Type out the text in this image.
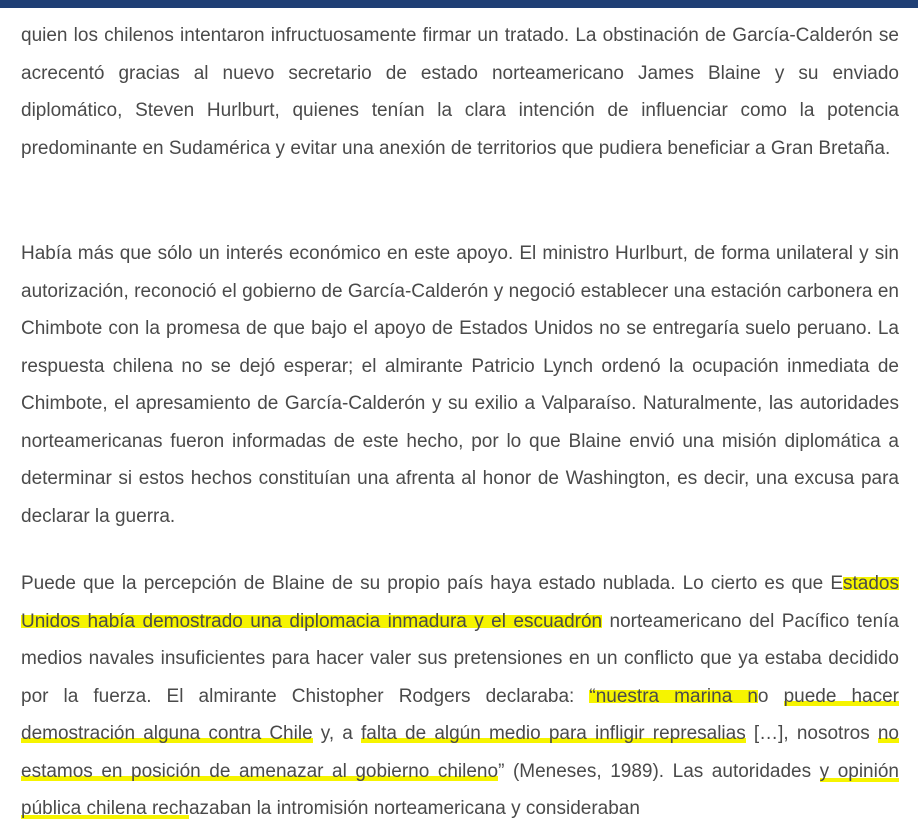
quien los chilenos intentaron infructuosamente firmar un tratado. La obstinación de García-Calderón se acrecentó gracias al nuevo secretario de estado norteamericano James Blaine y su enviado diplomático, Steven Hurlburt, quienes tenían la clara intención de influenciar como la potencia predominante en Sudamérica y evitar una anexión de territorios que pudiera beneficiar a Gran Bretaña.

Había más que sólo un interés económico en este apoyo. El ministro Hurlburt, de forma unilateral y sin autorización, reconoció el gobierno de García-Calderón y negoció establecer una estación carbonera en Chimbote con la promesa de que bajo el apoyo de Estados Unidos no se entregaría suelo peruano. La respuesta chilena no se dejó esperar; el almirante Patricio Lynch ordenó la ocupación inmediata de Chimbote, el apresamiento de García-Calderón y su exilio a Valparaíso. Naturalmente, las autoridades norteamericanas fueron informadas de este hecho, por lo que Blaine envió una misión diplomática a determinar si estos hechos constituían una afrenta al honor de Washington, es decir, una excusa para declarar la guerra.

Puede que la percepción de Blaine de su propio país haya estado nublada. Lo cierto es que Estados Unidos había demostrado una diplomacia inmadura y el escuadrón norteamericano del Pacífico tenía medios navales insuficientes para hacer valer sus pretensiones en un conflicto que ya estaba decidido por la fuerza. El almirante Chistopher Rodgers declaraba: “nuestra marina no puede hacer demostración alguna contra Chile y, a falta de algún medio para infligir represalias […], nosotros no estamos en posición de amenazar al gobierno chileno” (Meneses, 1989). Las autoridades y opinión pública chilena rechazaban la intromisión norteamericana y consideraban
